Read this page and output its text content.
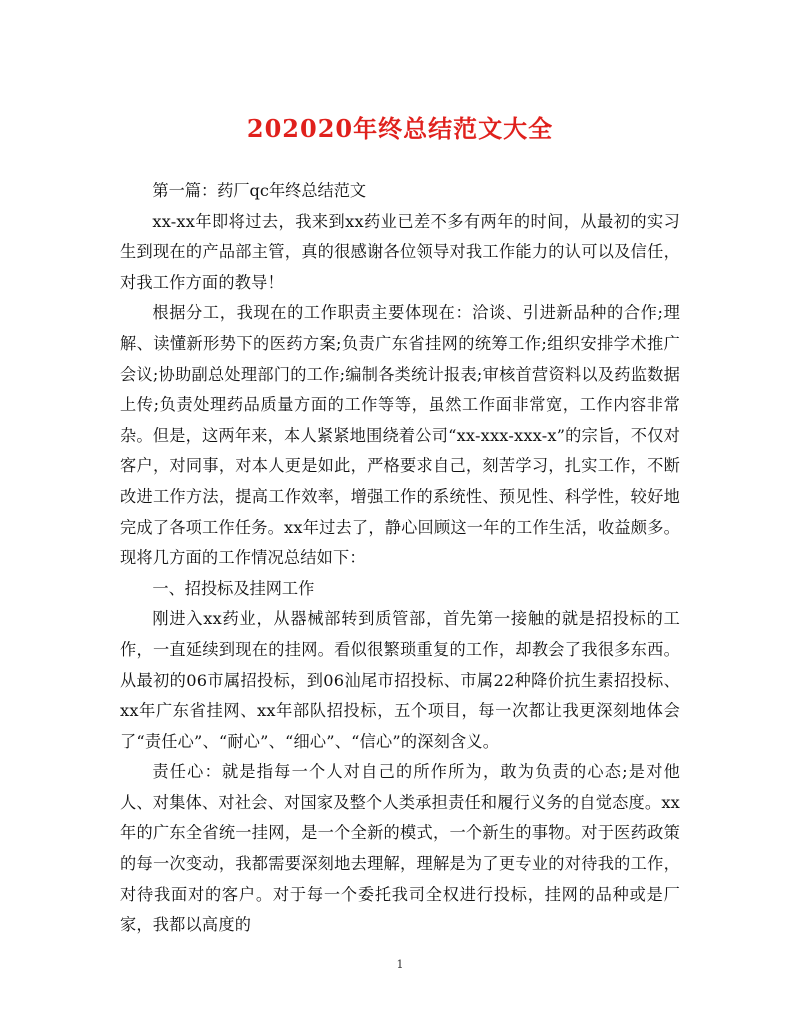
202020年终总结范文大全

第一篇：药厂qc年终总结范文

xx-xx年即将过去，我来到xx药业已差不多有两年的时间，从最初的实习生到现在的产品部主管，真的很感谢各位领导对我工作能力的认可以及信任，对我工作方面的教导！

根据分工，我现在的工作职责主要体现在：洽谈、引进新品种的合作;理解、读懂新形势下的医药方案;负责广东省挂网的统筹工作;组织安排学术推广会议;协助副总处理部门的工作;编制各类统计报表;审核首营资料以及药监数据上传;负责处理药品质量方面的工作等等，虽然工作面非常宽，工作内容非常杂。但是，这两年来，本人紧紧地围绕着公司“xx-xxx-xxx-x”的宗旨，不仅对客户，对同事，对本人更是如此，严格要求自己，刻苦学习，扎实工作，不断改进工作方法，提高工作效率，增强工作的系统性、预见性、科学性，较好地完成了各项工作任务。xx年过去了，静心回顾这一年的工作生活，收益颇多。现将几方面的工作情况总结如下：

一、招投标及挂网工作

刚进入xx药业，从器械部转到质管部，首先第一接触的就是招投标的工作，一直延续到现在的挂网。看似很繁琐重复的工作，却教会了我很多东西。从最初的06市属招投标，到06汕尾市招投标、市属22种降价抗生素招投标、xx年广东省挂网、xx年部队招投标，五个项目，每一次都让我更深刻地体会了“责任心”、“耐心”、“细心”、“信心”的深刻含义。

责任心：就是指每一个人对自己的所作所为，敢为负责的心态;是对他人、对集体、对社会、对国家及整个人类承担责任和履行义务的自觉态度。xx年的广东全省统一挂网，是一个全新的模式，一个新生的事物。对于医药政策的每一次变动，我都需要深刻地去理解，理解是为了更专业的对待我的工作，对待我面对的客户。对于每一个委托我司全权进行投标，挂网的品种或是厂家，我都以高度的

1
